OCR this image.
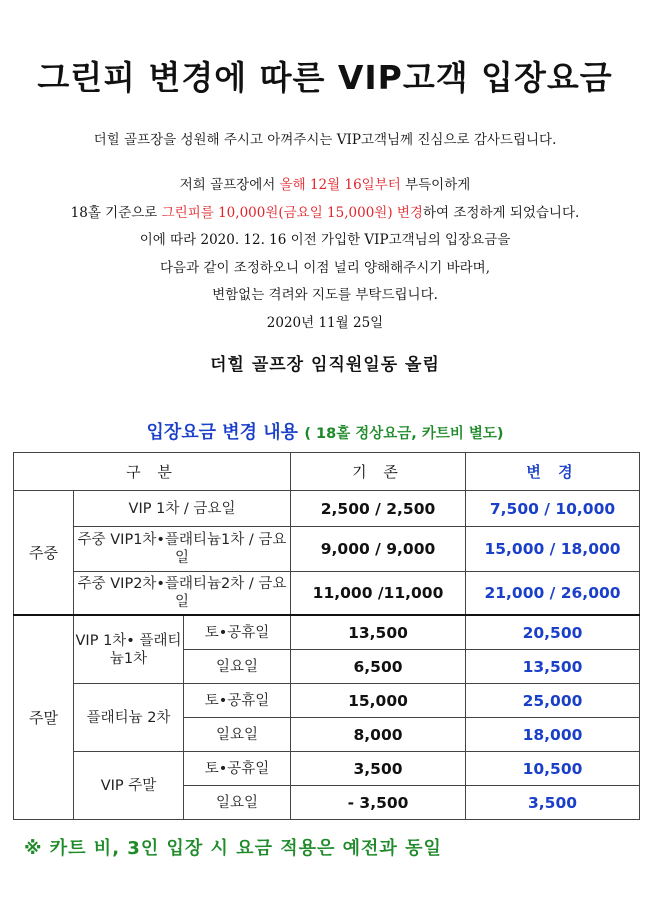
그린피 변경에 따른 VIP고객 입장요금
더힐 골프장을 성원해 주시고 아껴주시는 VIP고객님께 진심으로 감사드립니다.
저희 골프장에서 올해 12월 16일부터 부득이하게
18홀 기준으로 그린피를 10,000원(금요일 15,000원) 변경하여 조정하게 되었습니다.
이에 따라 2020. 12. 16 이전 가입한 VIP고객님의 입장요금을
다음과 같이 조정하오니 이점 널리 양해해주시기 바라며,
변함없는 격려와 지도를 부탁드립니다.
2020년 11월 25일
더힐 골프장 임직원일동 올림
입장요금 변경 내용 ( 18홀 정상요금, 카트비 별도)
구 분			기 존	변 경
주중	VIP 1차 / 금요일		2,500 / 2,500	7,500 / 10,000
	주중 VIP1차•플래티늄1차 / 금요일		9,000 / 9,000	15,000 / 18,000
	주중 VIP2차•플래티늄2차 / 금요일		11,000 /11,000	21,000 / 26,000
주말	VIP 1차• 플래티늄1차	토•공휴일	13,500	20,500
		일요일	6,500	13,500
	플래티늄 2차	토•공휴일	15,000	25,000
		일요일	8,000	18,000
	VIP 주말	토•공휴일	3,500	10,500
		일요일	- 3,500	3,500
※ 카트 비, 3인 입장 시 요금 적용은 예전과 동일
